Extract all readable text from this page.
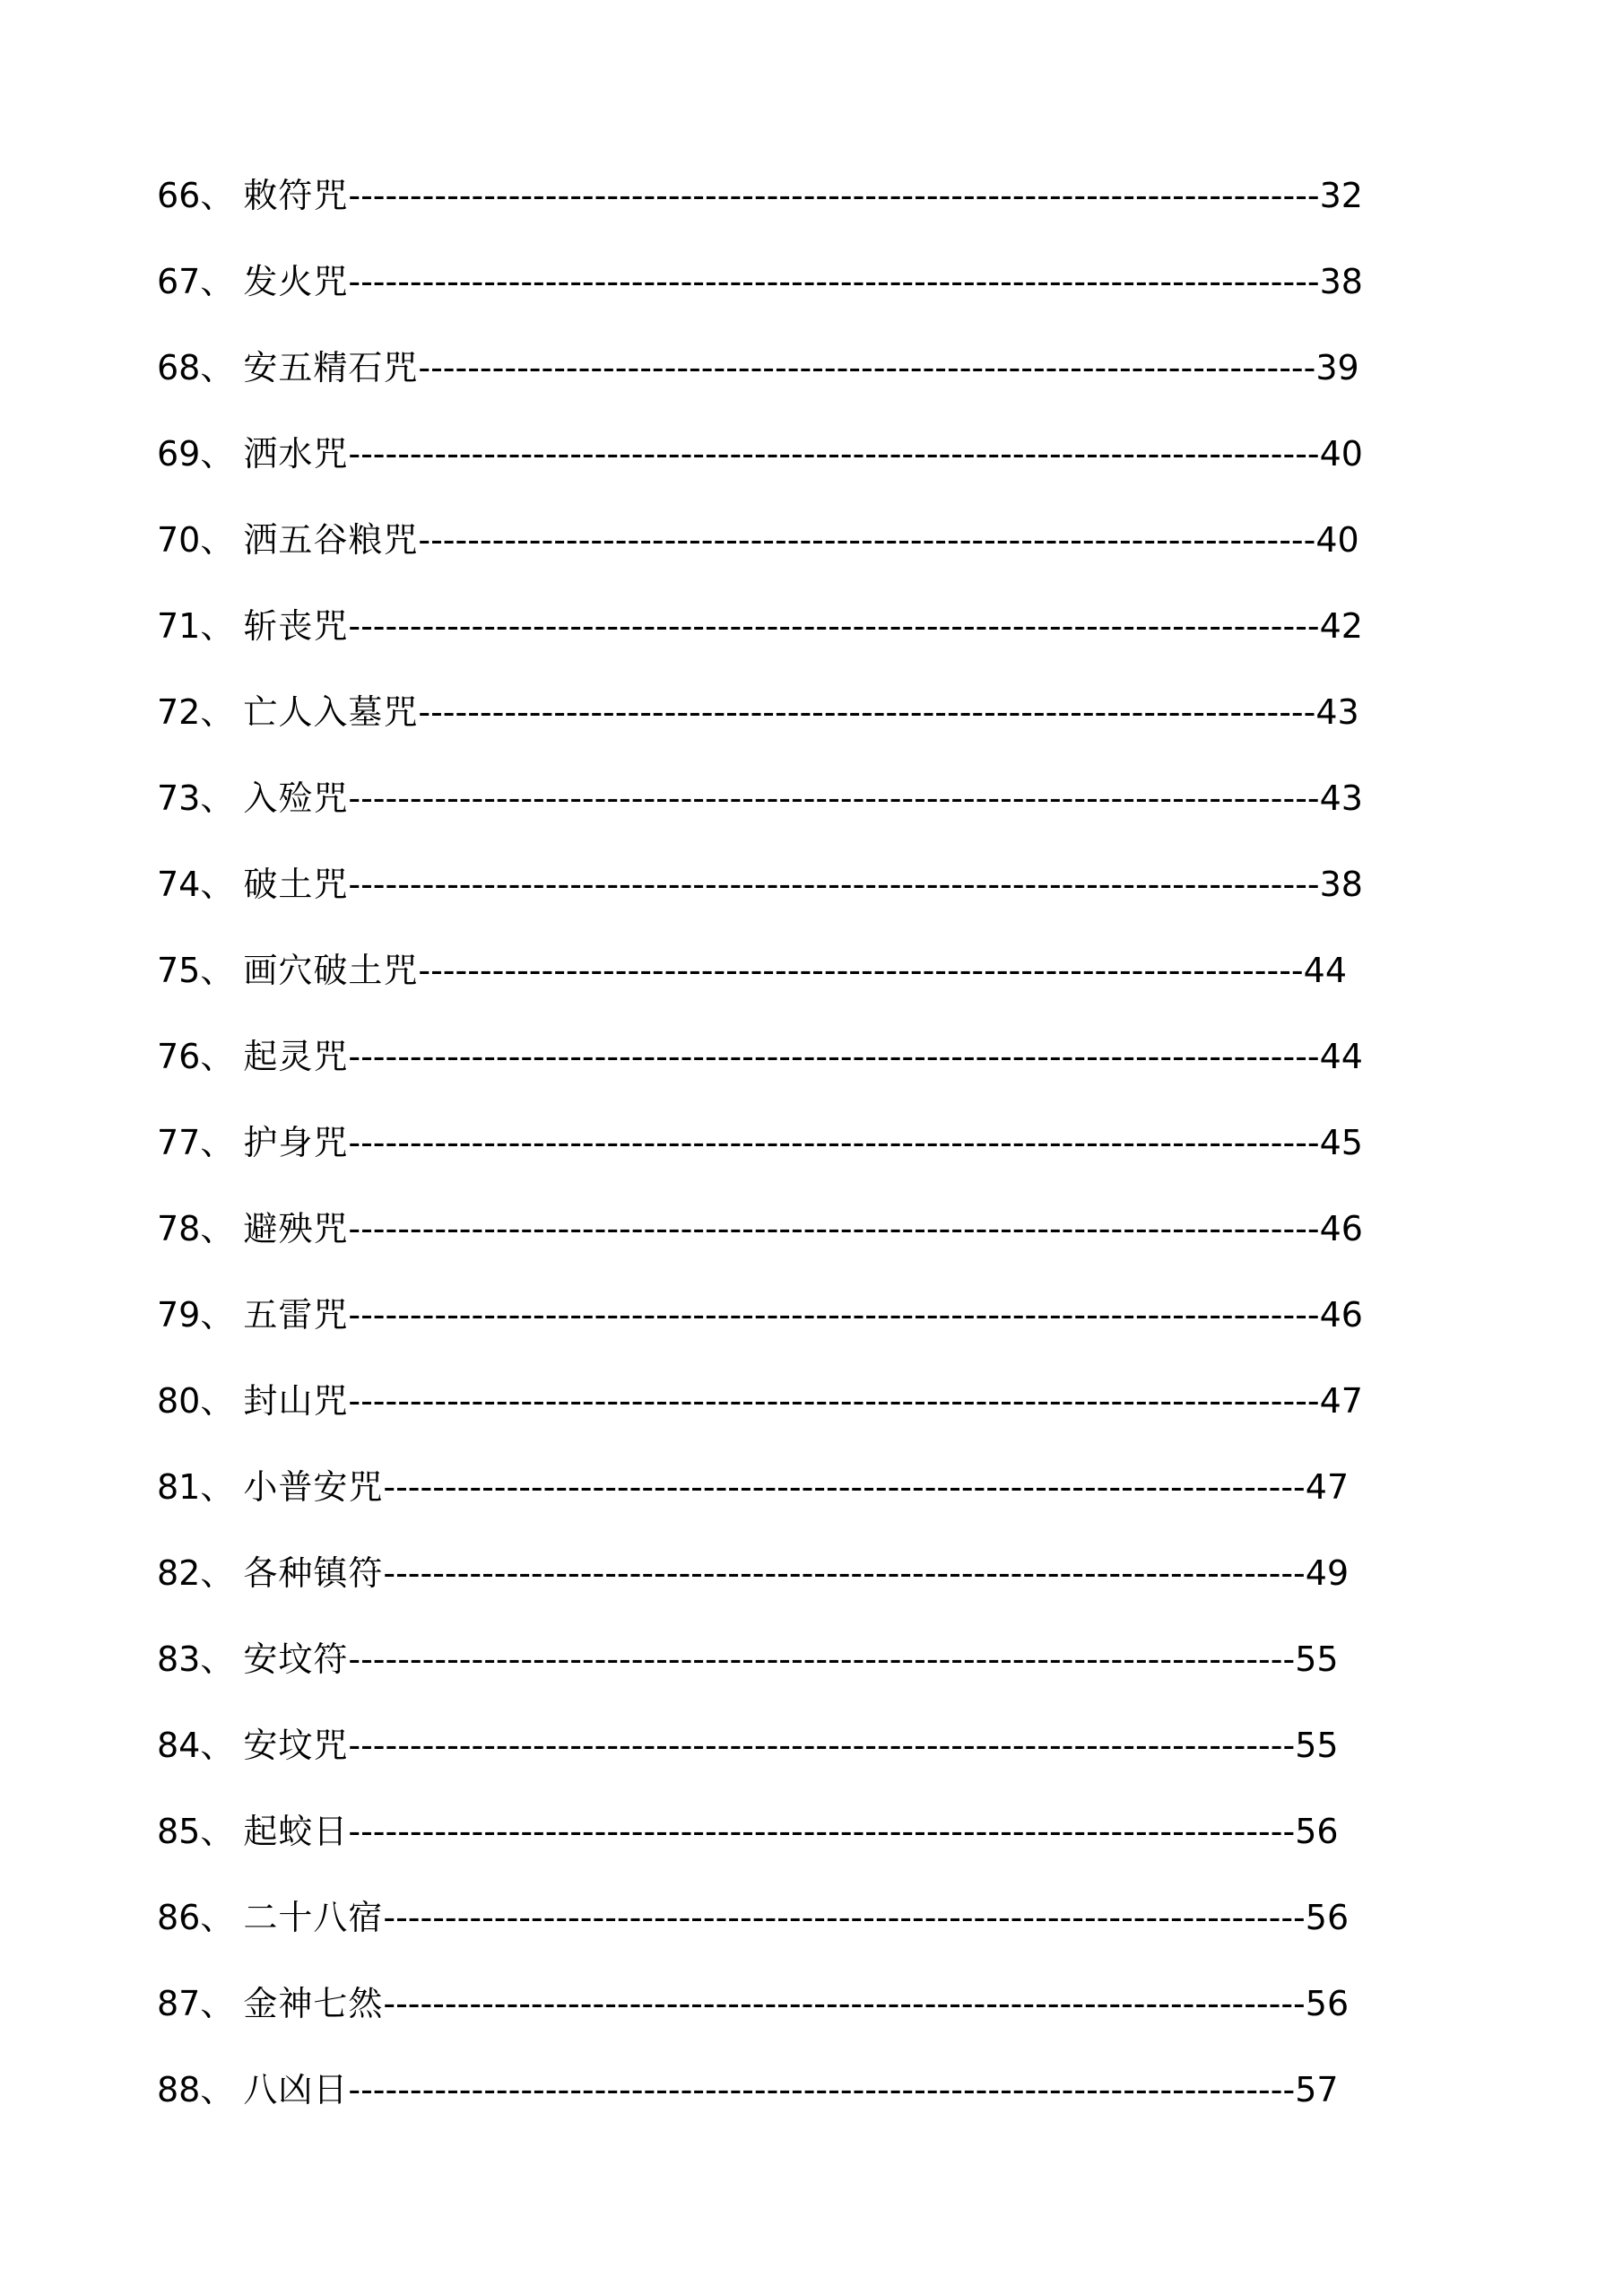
66、 敕符咒-------------------------------------------------------------------------------32
67、 发火咒-------------------------------------------------------------------------------38
68、 安五精石咒-------------------------------------------------------------------------39
69、 洒水咒-------------------------------------------------------------------------------40
70、 洒五谷粮咒-------------------------------------------------------------------------40
71、 斩丧咒-------------------------------------------------------------------------------42
72、 亡人入墓咒-------------------------------------------------------------------------43
73、 入殓咒-------------------------------------------------------------------------------43
74、 破土咒-------------------------------------------------------------------------------38
75、 画穴破土咒------------------------------------------------------------------------44
76、 起灵咒-------------------------------------------------------------------------------44
77、 护身咒-------------------------------------------------------------------------------45
78、 避殃咒-------------------------------------------------------------------------------46
79、 五雷咒-------------------------------------------------------------------------------46
80、 封山咒-------------------------------------------------------------------------------47
81、 小普安咒---------------------------------------------------------------------------47
82、 各种镇符---------------------------------------------------------------------------49
83、 安坟符-----------------------------------------------------------------------------55
84、 安坟咒-----------------------------------------------------------------------------55
85、 起蛟日-----------------------------------------------------------------------------56
86、 二十八宿---------------------------------------------------------------------------56
87、 金神七然---------------------------------------------------------------------------56
88、 八凶日-----------------------------------------------------------------------------57
